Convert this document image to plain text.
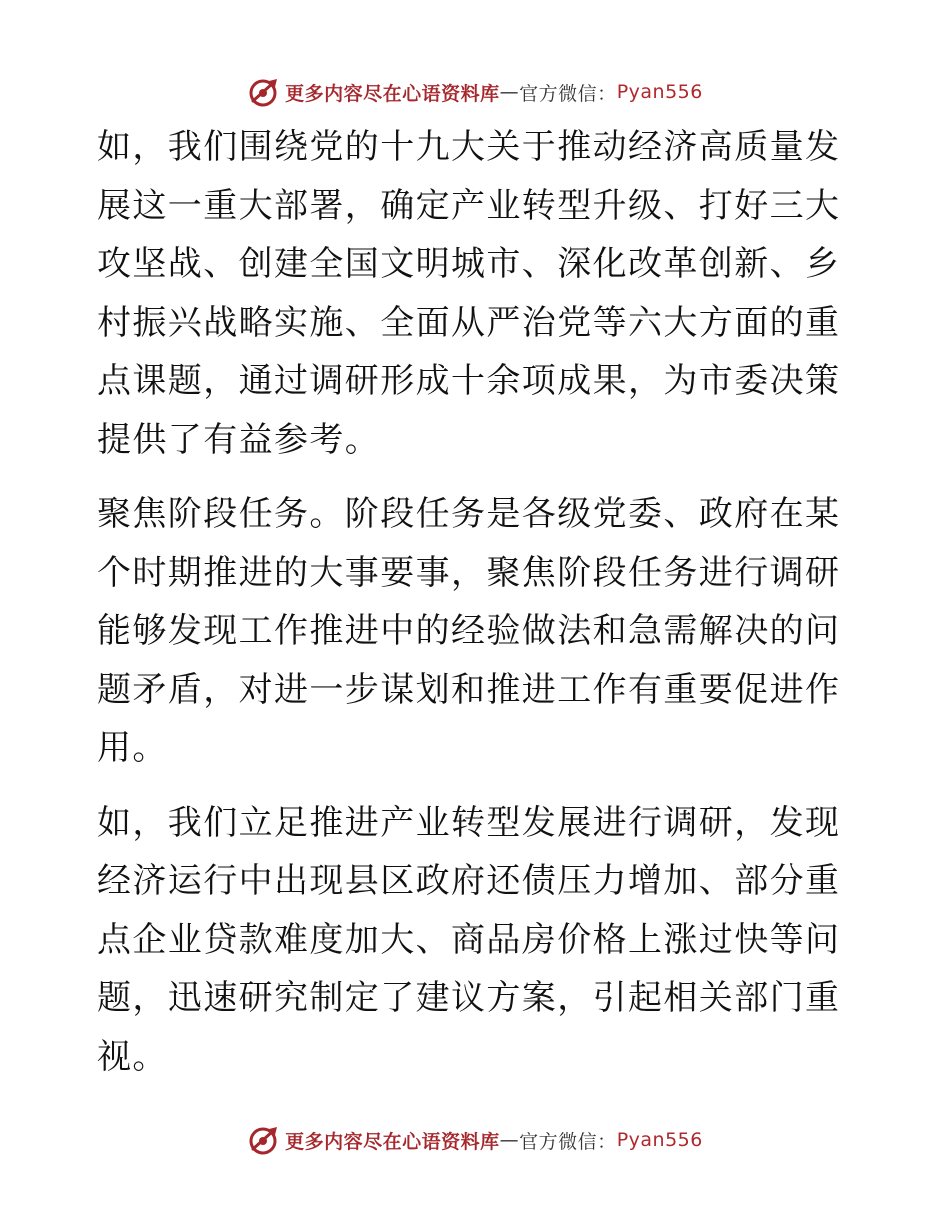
更多内容尽在心语资料库 — 官方微信： Pyan556

如，我们围绕党的十九大关于推动经济高质量发展这一重大部署，确定产业转型升级、打好三大攻坚战、创建全国文明城市、深化改革创新、乡村振兴战略实施、全面从严治党等六大方面的重点课题，通过调研形成十余项成果，为市委决策提供了有益参考。

聚焦阶段任务。阶段任务是各级党委、政府在某个时期推进的大事要事，聚焦阶段任务进行调研能够发现工作推进中的经验做法和急需解决的问题矛盾，对进一步谋划和推进工作有重要促进作用。

如，我们立足推进产业转型发展进行调研，发现经济运行中出现县区政府还债压力增加、部分重点企业贷款难度加大、商品房价格上涨过快等问题，迅速研究制定了建议方案，引起相关部门重视。

更多内容尽在心语资料库 — 官方微信： Pyan556
